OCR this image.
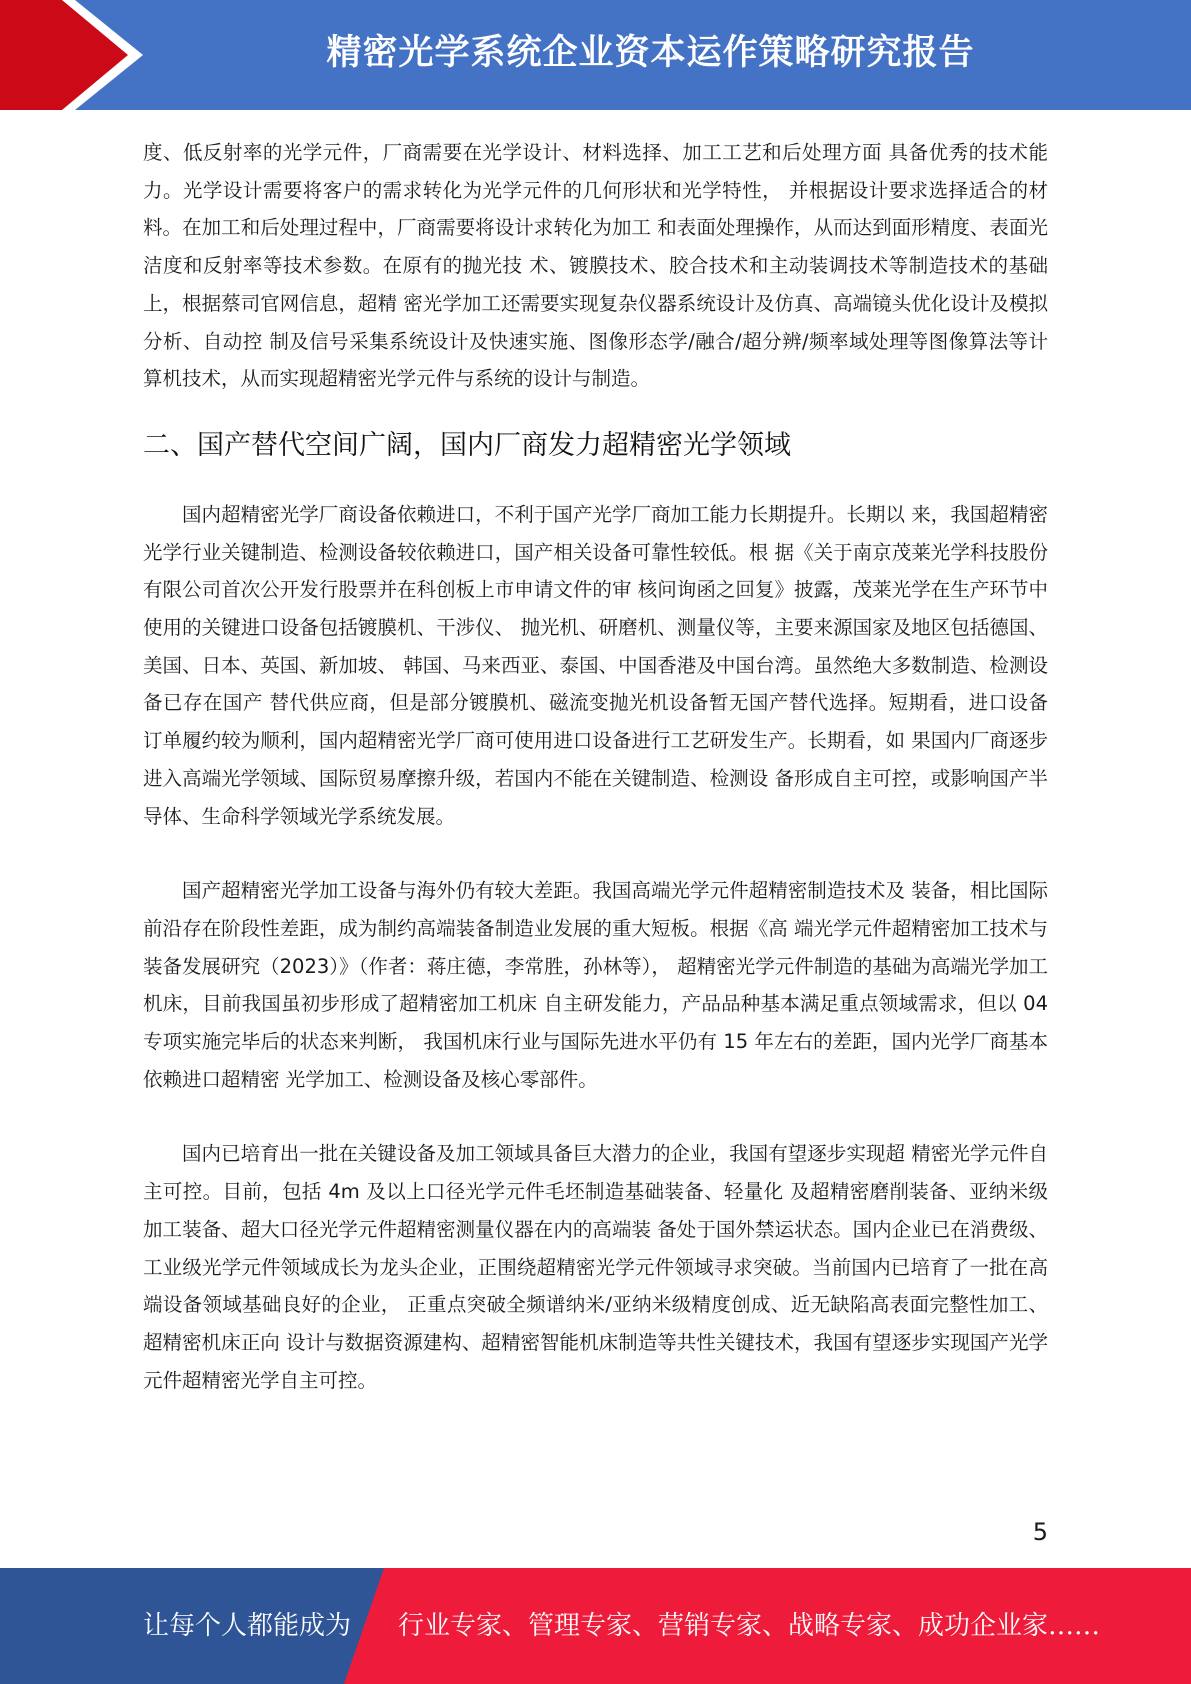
精密光学系统企业资本运作策略研究报告

度、低反射率的光学元件，厂商需要在光学设计、材料选择、加工工艺和后处理方面 具备优秀的技术能力。光学设计需要将客户的需求转化为光学元件的几何形状和光学特性， 并根据设计要求选择适合的材料。在加工和后处理过程中，厂商需要将设计求转化为加工 和表面处理操作，从而达到面形精度、表面光洁度和反射率等技术参数。在原有的抛光技 术、镀膜技术、胶合技术和主动装调技术等制造技术的基础上，根据蔡司官网信息，超精 密光学加工还需要实现复杂仪器系统设计及仿真、高端镜头优化设计及模拟分析、自动控 制及信号采集系统设计及快速实施、图像形态学/融合/超分辨/频率域处理等图像算法等计 算机技术，从而实现超精密光学元件与系统的设计与制造。

二、国产替代空间广阔，国内厂商发力超精密光学领域

国内超精密光学厂商设备依赖进口，不利于国产光学厂商加工能力长期提升。长期以 来，我国超精密光学行业关键制造、检测设备较依赖进口，国产相关设备可靠性较低。根 据《关于南京茂莱光学科技股份有限公司首次公开发行股票并在科创板上市申请文件的审 核问询函之回复》披露，茂莱光学在生产环节中使用的关键进口设备包括镀膜机、干涉仪、 抛光机、研磨机、测量仪等，主要来源国家及地区包括德国、美国、日本、英国、新加坡、 韩国、马来西亚、泰国、中国香港及中国台湾。虽然绝大多数制造、检测设备已存在国产 替代供应商，但是部分镀膜机、磁流变抛光机设备暂无国产替代选择。短期看，进口设备 订单履约较为顺利，国内超精密光学厂商可使用进口设备进行工艺研发生产。长期看，如 果国内厂商逐步进入高端光学领域、国际贸易摩擦升级，若国内不能在关键制造、检测设 备形成自主可控，或影响国产半导体、生命科学领域光学系统发展。

国产超精密光学加工设备与海外仍有较大差距。我国高端光学元件超精密制造技术及 装备，相比国际前沿存在阶段性差距，成为制约高端装备制造业发展的重大短板。根据《高 端光学元件超精密加工技术与装备发展研究（2023）》（作者：蒋庄德，李常胜，孙林等）， 超精密光学元件制造的基础为高端光学加工机床，目前我国虽初步形成了超精密加工机床 自主研发能力，产品品种基本满足重点领域需求，但以 04 专项实施完毕后的状态来判断， 我国机床行业与国际先进水平仍有 15 年左右的差距，国内光学厂商基本依赖进口超精密 光学加工、检测设备及核心零部件。

国内已培育出一批在关键设备及加工领域具备巨大潜力的企业，我国有望逐步实现超 精密光学元件自主可控。目前，包括 4m 及以上口径光学元件毛坯制造基础装备、轻量化 及超精密磨削装备、亚纳米级加工装备、超大口径光学元件超精密测量仪器在内的高端装 备处于国外禁运状态。国内企业已在消费级、工业级光学元件领域成长为龙头企业，正围绕超精密光学元件领域寻求突破。当前国内已培育了一批在高端设备领域基础良好的企业， 正重点突破全频谱纳米/亚纳米级精度创成、近无缺陷高表面完整性加工、超精密机床正向 设计与数据资源建构、超精密智能机床制造等共性关键技术，我国有望逐步实现国产光学 元件超精密光学自主可控。

5
让每个人都能成为 行业专家、管理专家、营销专家、战略专家、成功企业家……
